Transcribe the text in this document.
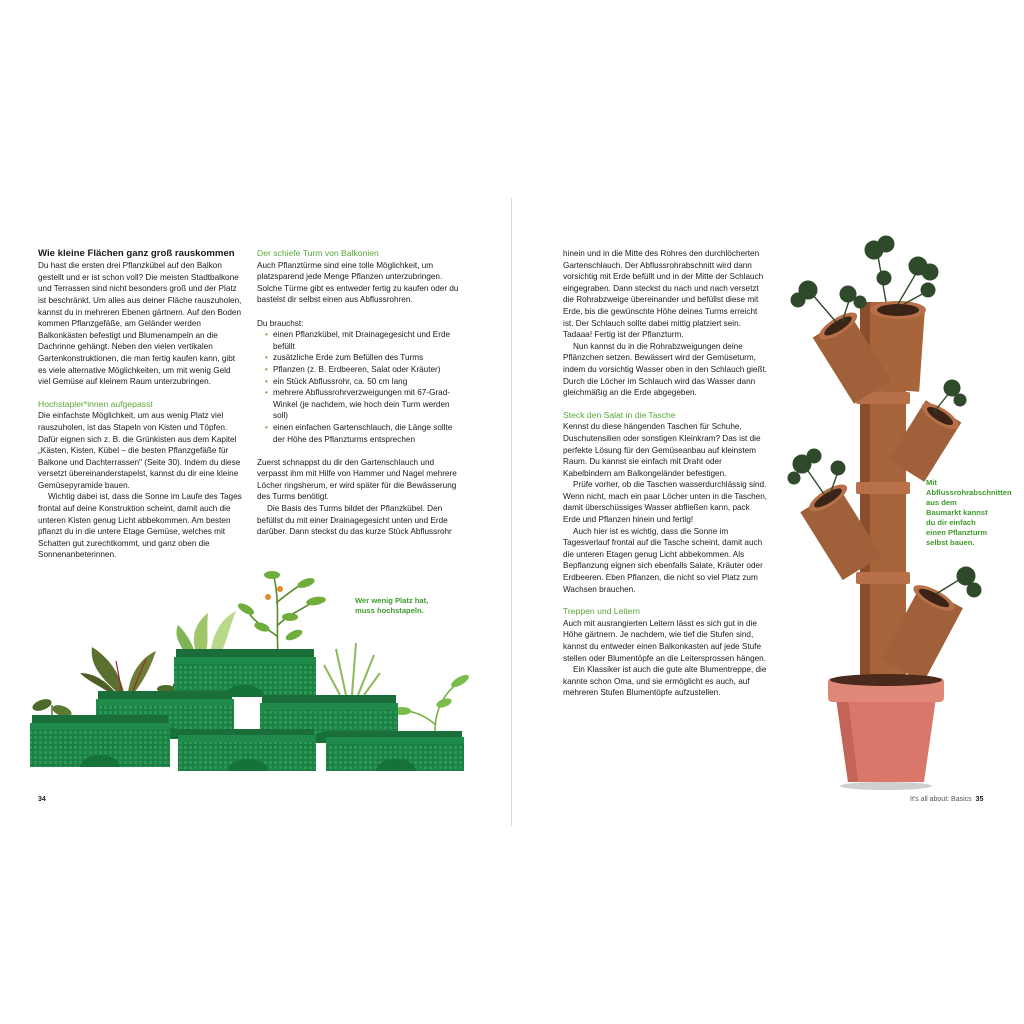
Wie kleine Flächen ganz groß rauskommen

Du hast die ersten drei Pflanzkübel auf den Balkon gestellt und er ist schon voll? Die meisten Stadtbalkone und Terrassen sind nicht besonders groß und der Platz ist beschränkt. Um alles aus deiner Fläche rauszuholen, kannst du in mehreren Ebenen gärtnern. Auf den Boden kommen Pflanzgefäße, am Geländer werden Balkonkästen befestigt und Blumenampeln an die Dachrinne gehängt. Neben den vielen vertikalen Gartenkonstruktionen, die man fertig kaufen kann, gibt es viele alternative Möglichkeiten, um mit wenig Geld viel Gemüse auf kleinem Raum unterzubringen.

Hochstapler*innen aufgepasst

Die einfachste Möglichkeit, um aus wenig Platz viel rauszuholen, ist das Stapeln von Kisten und Töpfen. Dafür eignen sich z. B. die Grünkisten aus dem Kapitel „Kästen, Kisten, Kübel – die besten Pflanzgefäße für Balkone und Dachterrassen" (Seite 30). Indem du diese versetzt übereinanderstapelst, kannst du dir eine kleine Gemüsepyramide bauen.

Wichtig dabei ist, dass die Sonne im Laufe des Tages frontal auf deine Konstruktion scheint, damit auch die unteren Kisten genug Licht abbekommen. Am besten pflanzt du in die untere Etage Gemüse, welches mit Schatten gut zurechtkommt, und ganz oben die Sonnenanbeterinnen.

Der schiefe Turm von Balkonien

Auch Pflanztürme sind eine tolle Möglichkeit, um platzsparend jede Menge Pflanzen unterzubringen. Solche Türme gibt es entweder fertig zu kaufen oder du bastelst dir selbst einen aus Abflussrohren.

Du brauchst:

• einen Pflanzkübel, mit Drainagegesicht und Erde befüllt
• zusätzliche Erde zum Befüllen des Turms
• Pflanzen (z. B. Erdbeeren, Salat oder Kräuter)
• ein Stück Abflussrohr, ca. 50 cm lang
• mehrere Abflussrohrverzweigungen mit 67-Grad-Winkel (je nachdem, wie hoch dein Turm werden soll)
• einen einfachen Gartenschlauch, die Länge sollte der Höhe des Pflanzturms entsprechen

Zuerst schnappst du dir den Gartenschlauch und verpasst ihm mit Hilfe von Hammer und Nagel mehrere Löcher ringsherum, er wird später für die Bewässerung des Turms benötigt.

Die Basis des Turms bildet der Pflanzkübel. Den befüllst du mit einer Drainagegesicht unten und Erde darüber. Dann steckst du das kurze Stück Abflussrohr

Wer wenig Platz hat, muss hochstapeln.
34

hinein und in die Mitte des Rohres den durchlöcherten Gartenschlauch. Der Abflussrohrabschnitt wird dann vorsichtig mit Erde befüllt und in der Mitte der Schlauch eingegraben. Dann steckst du nach und nach versetzt die Rohrabzweige übereinander und befüllst diese mit Erde, bis die gewünschte Höhe deines Turms erreicht ist. Der Schlauch sollte dabei mittig platziert sein. Tadaaa! Fertig ist der Pflanzturm.

Nun kannst du in die Rohrabzweigungen deine Pflänzchen setzen. Bewässert wird der Gemüseturm, indem du vorsichtig Wasser oben in den Schlauch gießt. Durch die Löcher im Schlauch wird das Wasser dann gleichmäßig an die Erde abgegeben.

Steck den Salat in die Tasche

Kennst du diese hängenden Taschen für Schuhe, Duschutensilien oder sonstigen Kleinkram? Das ist die perfekte Lösung für den Gemüseanbau auf kleinstem Raum. Du kannst sie einfach mit Draht oder Kabelbindern am Balkongeländer befestigen.

Prüfe vorher, ob die Taschen wasserdurchlässig sind. Wenn nicht, mach ein paar Löcher unten in die Taschen, damit überschüssiges Wasser abfließen kann, pack Erde und Pflanzen hinein und fertig!

Auch hier ist es wichtig, dass die Sonne im Tagesverlauf frontal auf die Tasche scheint, damit auch die unteren Etagen genug Licht abbekommen. Als Bepflanzung eignen sich ebenfalls Salate, Kräuter oder Erdbeeren. Eben Pflanzen, die nicht so viel Platz zum Wachsen brauchen.

Treppen und Leitern

Auch mit ausrangierten Leitern lässt es sich gut in die Höhe gärtnern. Je nachdem, wie tief die Stufen sind, kannst du entweder einen Balkonkasten auf jede Stufe stellen oder Blumentöpfe an die Leitersprossen hängen.

Ein Klassiker ist auch die gute alte Blumentreppe, die kannte schon Oma, und sie ermöglicht es auch, auf mehreren Stufen Blumentöpfe aufzustellen.

Mit Abflussrohrabschnitten aus dem Baumarkt kannst du dir einfach einen Pflanzturm selbst bauen.
It's all about: Basics 35
